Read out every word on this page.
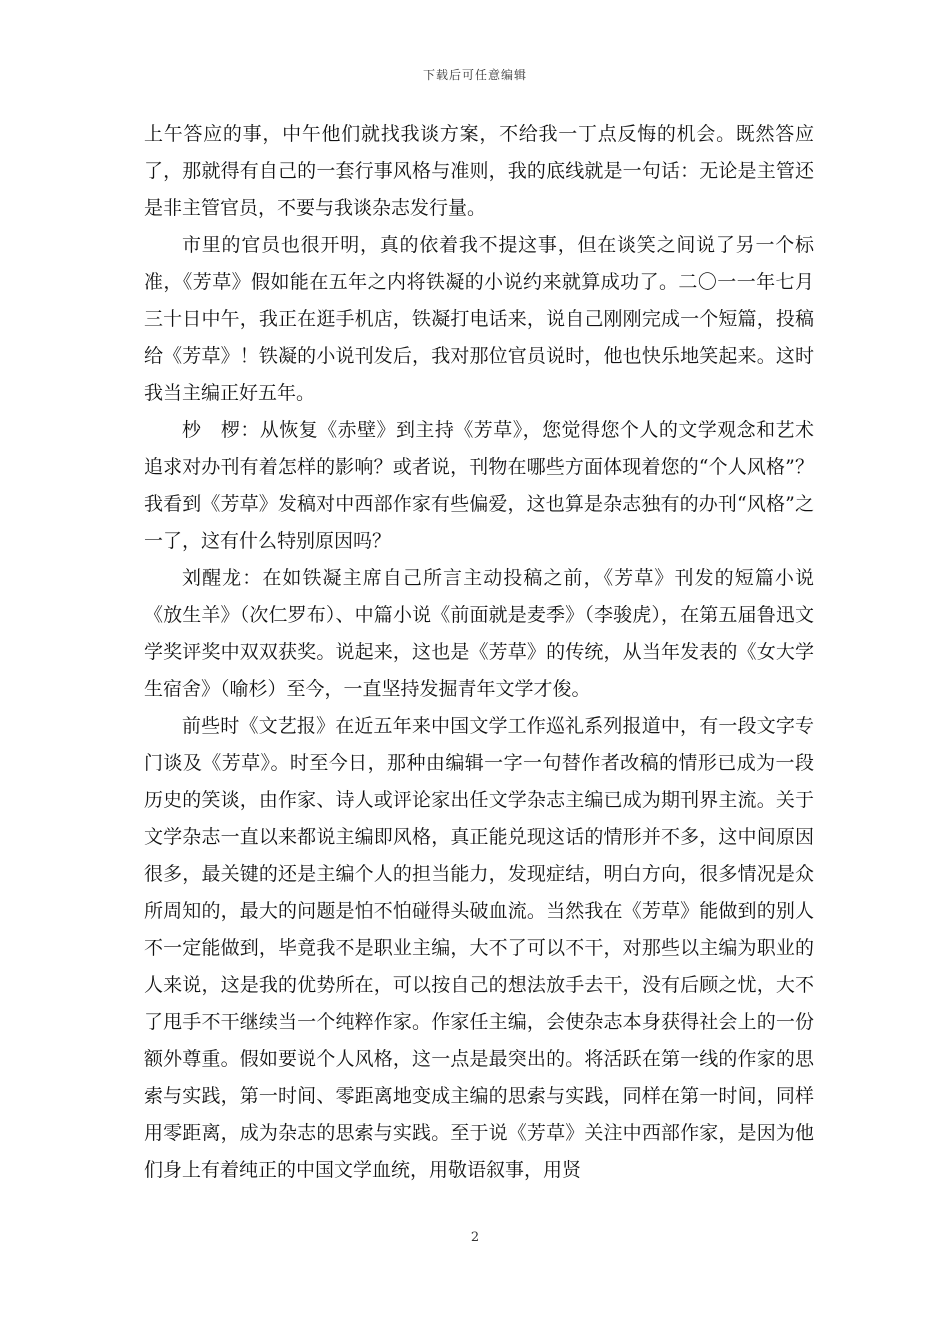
下载后可任意编辑

上午答应的事，中午他们就找我谈方案，不给我一丁点反悔的机会。既然答应了，那就得有自己的一套行事风格与准则，我的底线就是一句话：无论是主管还是非主管官员，不要与我谈杂志发行量。

市里的官员也很开明，真的依着我不提这事，但在谈笑之间说了另一个标准，《芳草》假如能在五年之内将铁凝的小说约来就算成功了。二〇一一年七月三十日中午，我正在逛手机店，铁凝打电话来，说自己刚刚完成一个短篇，投稿给《芳草》！铁凝的小说刊发后，我对那位官员说时，他也快乐地笑起来。这时我当主编正好五年。

杪　椤：从恢复《赤壁》到主持《芳草》，您觉得您个人的文学观念和艺术追求对办刊有着怎样的影响？或者说，刊物在哪些方面体现着您的“个人风格”？我看到《芳草》发稿对中西部作家有些偏爱，这也算是杂志独有的办刊“风格”之一了，这有什么特别原因吗？

刘醒龙：在如铁凝主席自己所言主动投稿之前，《芳草》刊发的短篇小说《放生羊》（次仁罗布）、中篇小说《前面就是麦季》（李骏虎），在第五届鲁迅文学奖评奖中双双获奖。说起来，这也是《芳草》的传统，从当年发表的《女大学生宿舍》（喻杉）至今，一直坚持发掘青年文学才俊。

前些时《文艺报》在近五年来中国文学工作巡礼系列报道中，有一段文字专门谈及《芳草》。时至今日，那种由编辑一字一句替作者改稿的情形已成为一段历史的笑谈，由作家、诗人或评论家出任文学杂志主编已成为期刊界主流。关于文学杂志一直以来都说主编即风格，真正能兑现这话的情形并不多，这中间原因很多，最关键的还是主编个人的担当能力，发现症结，明白方向，很多情况是众所周知的，最大的问题是怕不怕碰得头破血流。当然我在《芳草》能做到的别人不一定能做到，毕竟我不是职业主编，大不了可以不干，对那些以主编为职业的人来说，这是我的优势所在，可以按自己的想法放手去干，没有后顾之忧，大不了甩手不干继续当一个纯粹作家。作家任主编，会使杂志本身获得社会上的一份额外尊重。假如要说个人风格，这一点是最突出的。将活跃在第一线的作家的思索与实践，第一时间、零距离地变成主编的思索与实践，同样在第一时间，同样用零距离，成为杂志的思索与实践。至于说《芳草》关注中西部作家，是因为他们身上有着纯正的中国文学血统，用敬语叙事，用贤

2
